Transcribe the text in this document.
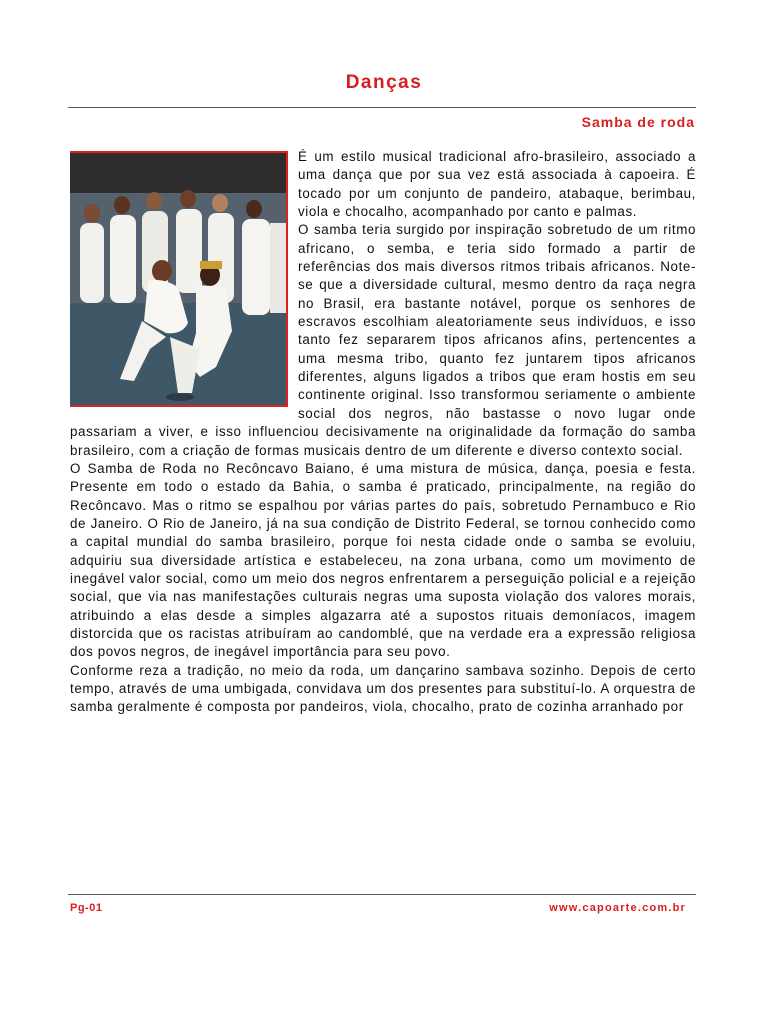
Danças
Samba de roda

É um estilo musical tradicional afro-brasileiro, associado a uma dança que por sua vez está associada à capoeira. É tocado por um conjunto de pandeiro, atabaque, berimbau, viola e chocalho, acompanhado por canto e palmas.

O samba teria surgido por inspiração sobretudo de um ritmo africano, o semba, e teria sido formado a partir de referências dos mais diversos ritmos tribais africanos. Note-se que a diversidade cultural, mesmo dentro da raça negra no Brasil, era bastante notável, porque os senhores de escravos escolhiam aleatoriamente seus indivíduos, e isso tanto fez separarem tipos africanos afins, pertencentes a uma mesma tribo, quanto fez juntarem tipos africanos diferentes, alguns ligados a tribos que eram hostis em seu continente original. Isso transformou seriamente o ambiente social dos negros, não bastasse o novo lugar onde passariam a viver, e isso influenciou decisivamente na originalidade da formação do samba brasileiro, com a criação de formas musicais dentro de um diferente e diverso contexto social.

O Samba de Roda no Recôncavo Baiano, é uma mistura de música, dança, poesia e festa. Presente em todo o estado da Bahia, o samba é praticado, principalmente, na região do Recôncavo. Mas o ritmo se espalhou por várias partes do país, sobretudo Pernambuco e Rio de Janeiro. O Rio de Janeiro, já na sua condição de Distrito Federal, se tornou conhecido como a capital mundial do samba brasileiro, porque foi nesta cidade onde o samba se evoluiu, adquiriu sua diversidade artística e estabeleceu, na zona urbana, como um movimento de inegável valor social, como um meio dos negros enfrentarem a perseguição policial e a rejeição social, que via nas manifestações culturais negras uma suposta violação dos valores morais, atribuindo a elas desde a simples algazarra até a supostos rituais demoníacos, imagem distorcida que os racistas atribuíram ao candomblé, que na verdade era a expressão religiosa dos povos negros, de inegável importância para seu povo.

Conforme reza a tradição, no meio da roda, um dançarino sambava sozinho. Depois de certo tempo, através de uma umbigada, convidava um dos presentes para substituí-lo. A orquestra de samba geralmente é composta por pandeiros, viola, chocalho, prato de cozinha arranhado por

Pg-01	www.capoarte.com.br
